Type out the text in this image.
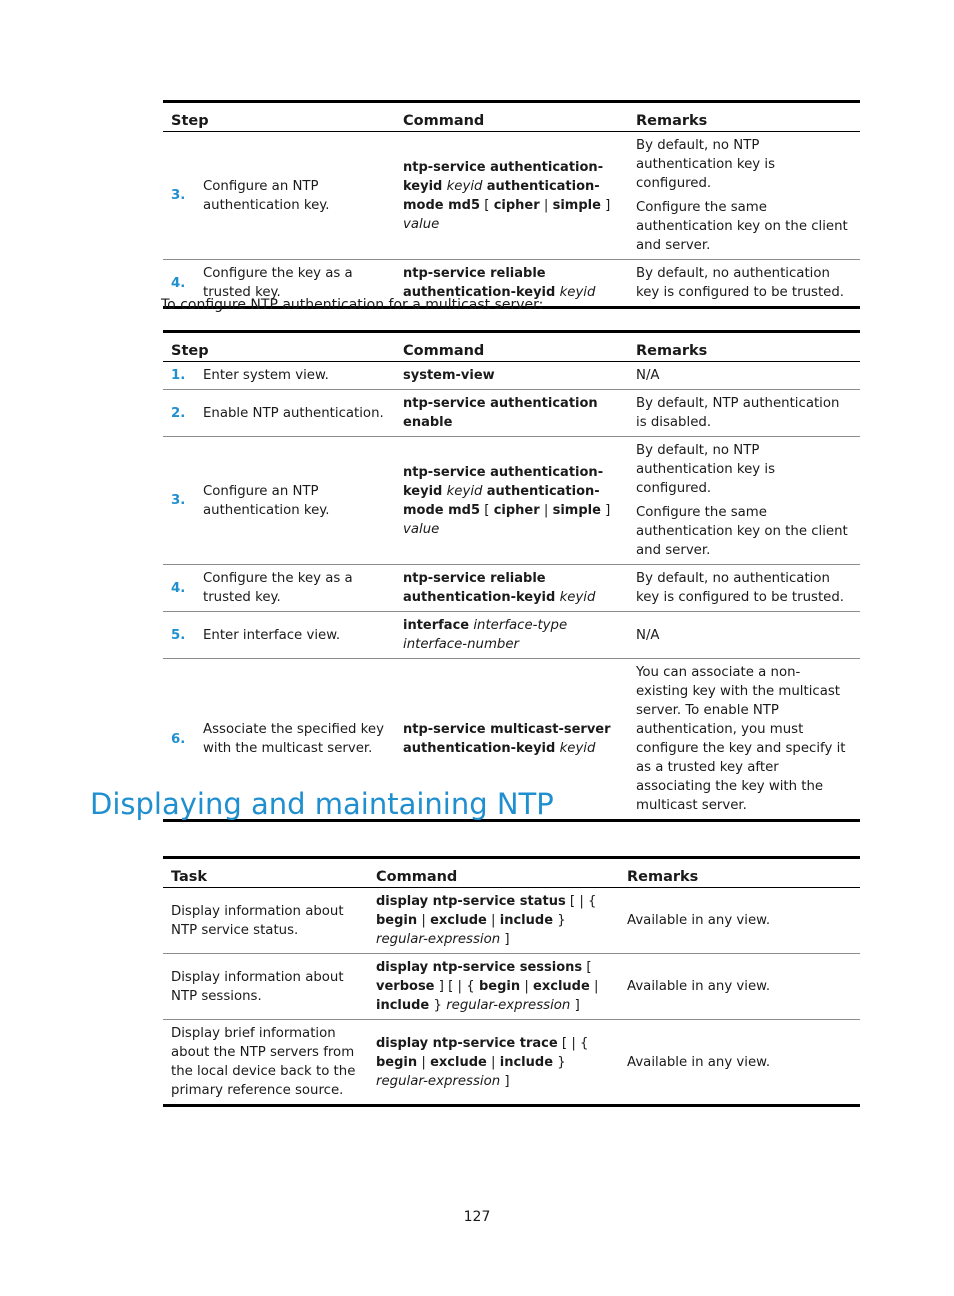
Step		Command	Remarks
3.	Configure an NTP authentication key.	ntp-service authentication-keyid keyid authentication-mode md5 [ cipher | simple ] value	By default, no NTP authentication key is configured.

Configure the same authentication key on the client and server.

4.	Configure the key as a trusted key.	ntp-service reliable authentication-keyid keyid	By default, no authentication key is configured to be trusted.

To configure NTP authentication for a multicast server:

Step		Command	Remarks
1.	Enter system view.	system-view	N/A

2.	Enable NTP authentication.	ntp-service authentication enable	By default, NTP authentication is disabled.

3.	Configure an NTP authentication key.	ntp-service authentication-keyid keyid authentication-mode md5 [ cipher | simple ] value	By default, no NTP authentication key is configured.

Configure the same authentication key on the client and server.

4.	Configure the key as a trusted key.	ntp-service reliable authentication-keyid keyid	By default, no authentication key is configured to be trusted.

5.	Enter interface view.	interface interface-type interface-number	N/A

6.	Associate the specified key with the multicast server.	ntp-service multicast-server authentication-keyid keyid	You can associate a non-existing key with the multicast server. To enable NTP authentication, you must configure the key and specify it as a trusted key after associating the key with the multicast server.

Displaying and maintaining NTP
Task	Command	Remarks
Display information about NTP service status.	display ntp-service status [ | { begin | exclude | include } regular-expression ]	Available in any view.

Display information about NTP sessions.	display ntp-service sessions [ verbose ] [ | { begin | exclude | include } regular-expression ]	Available in any view.

Display brief information about the NTP servers from the local device back to the primary reference source.	display ntp-service trace [ | { begin | exclude | include } regular-expression ]	Available in any view.

127
